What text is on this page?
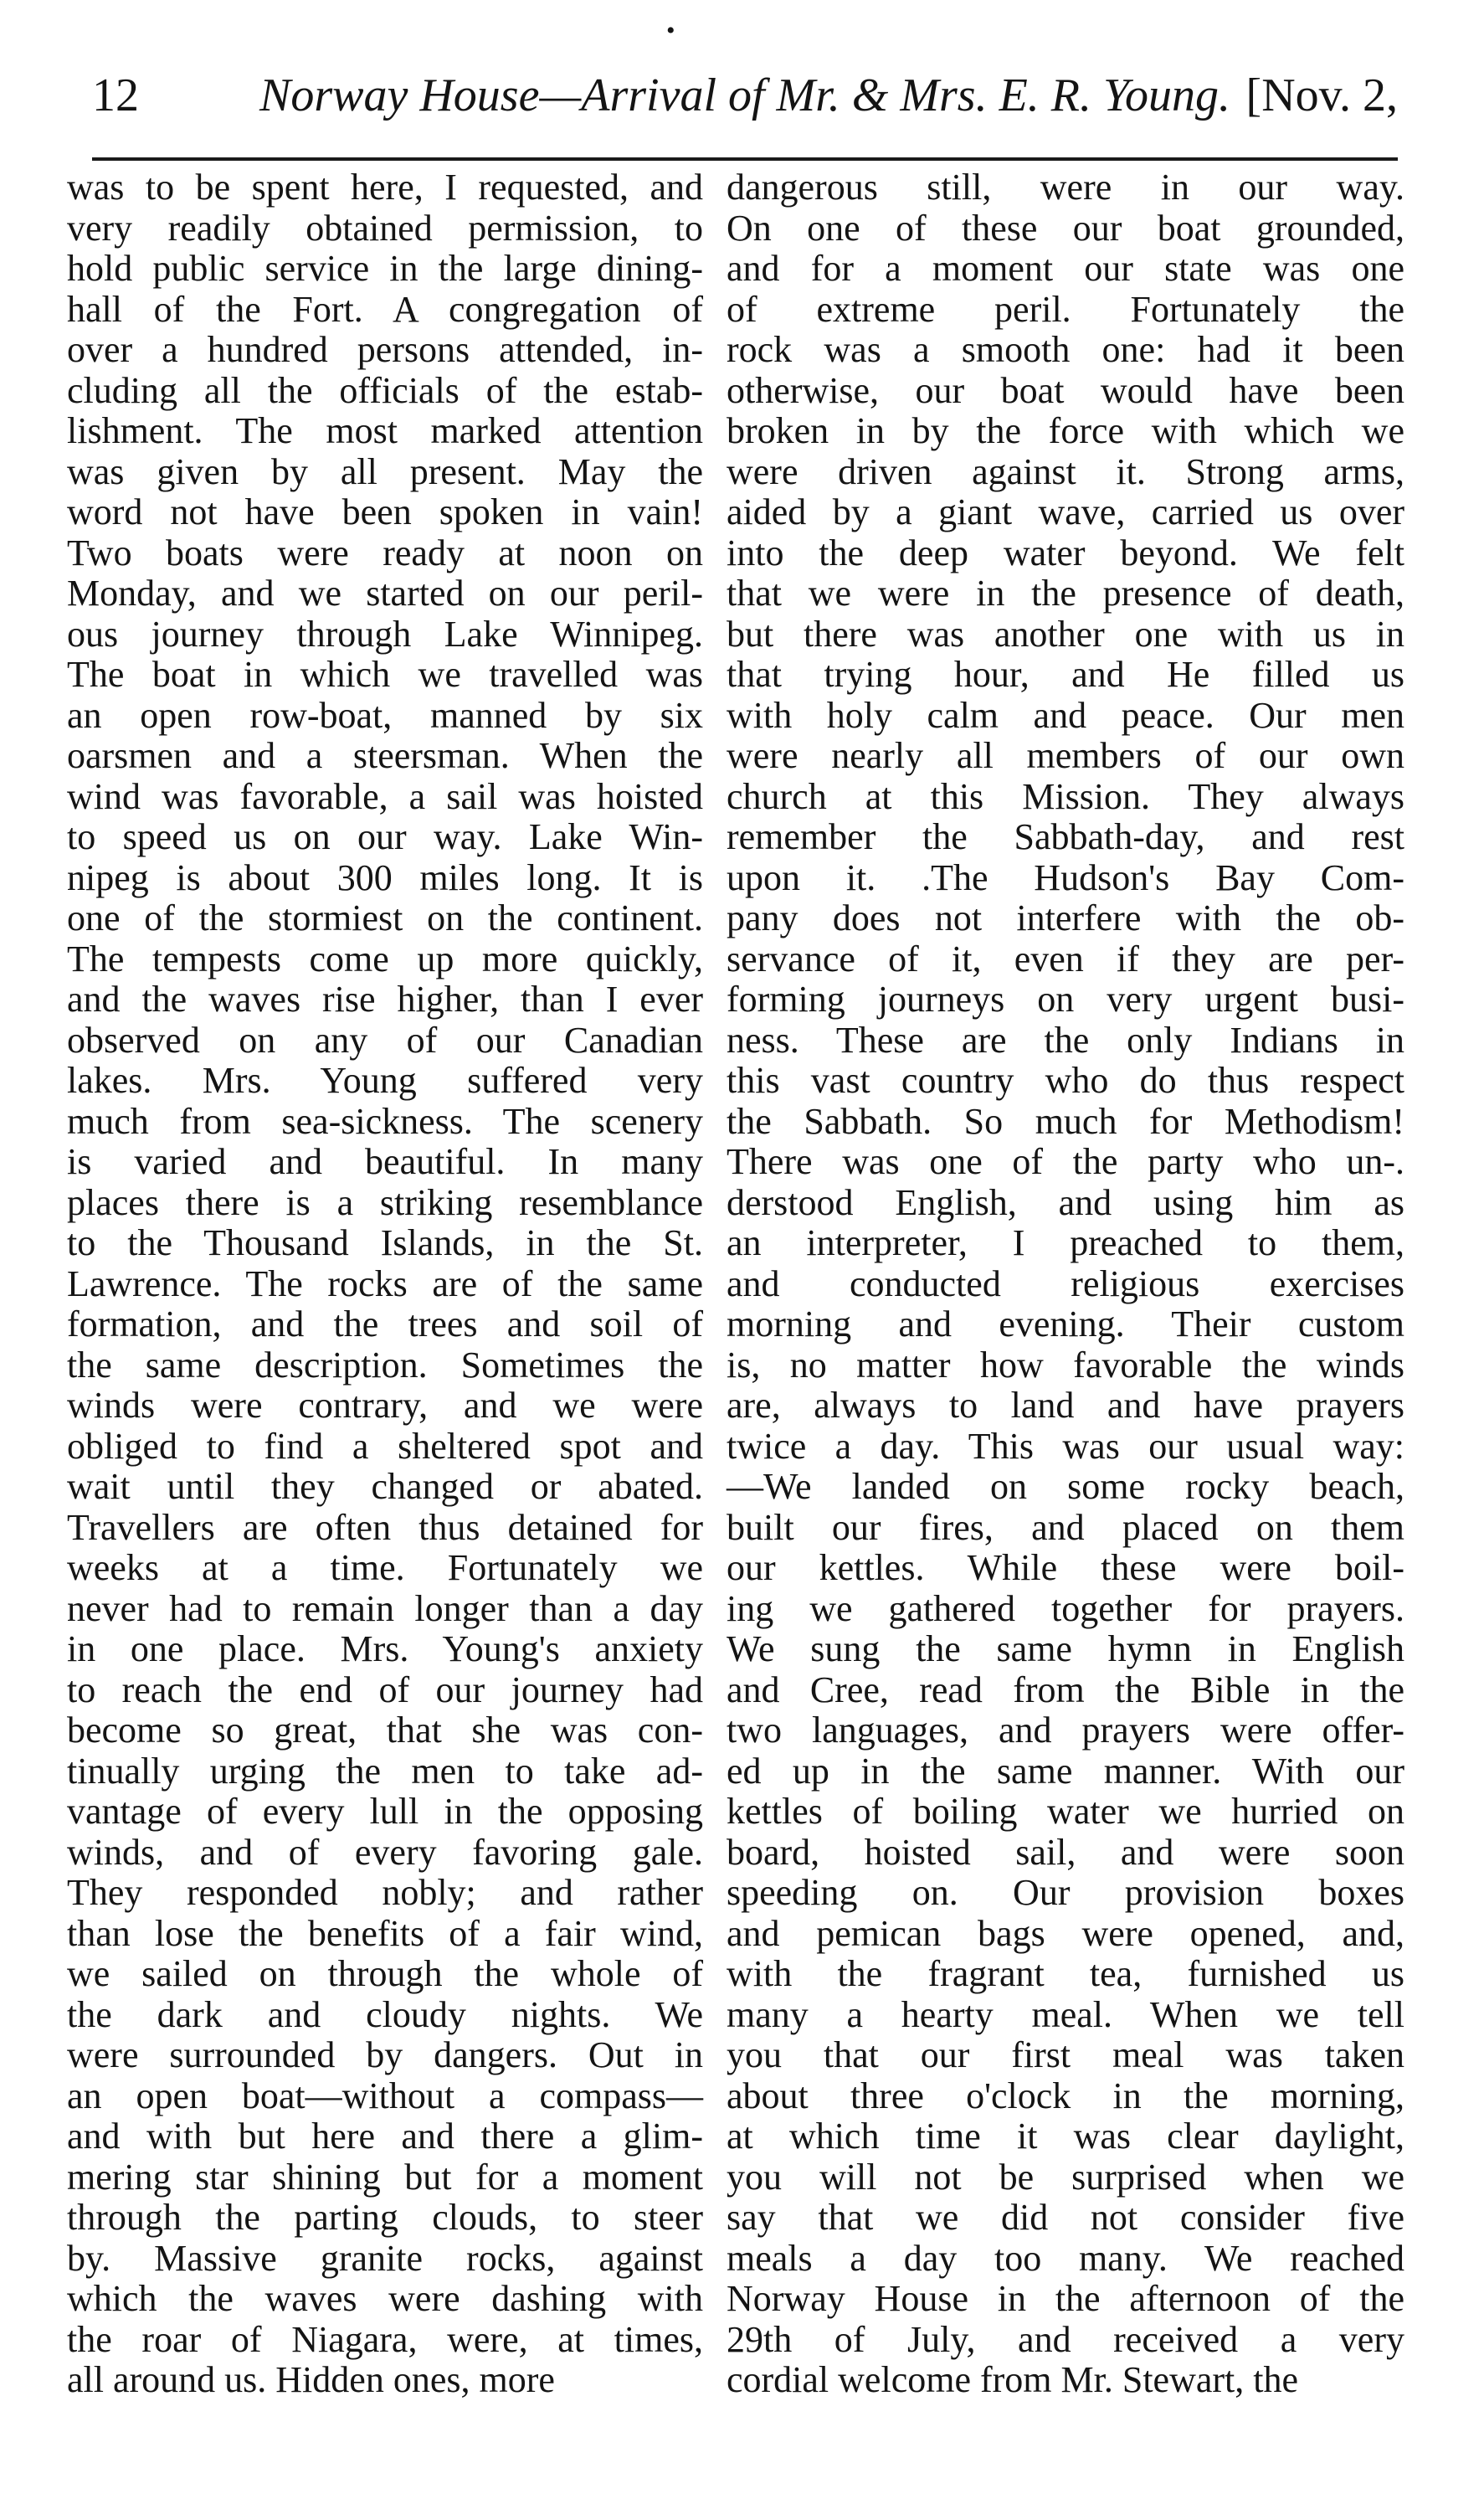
•
12	Norway House—Arrival of Mr. & Mrs. E. R. Young. [Nov. 2,
was to be spent here, I requested, and
very readily obtained permission, to
hold public service in the large dining-
hall of the Fort. A congregation of
over a hundred persons attended, in-
cluding all the officials of the estab-
lishment. The most marked attention
was given by all present. May the
word not have been spoken in vain!
Two boats were ready at noon on
Monday, and we started on our peril-
ous journey through Lake Winnipeg.
The boat in which we travelled was
an open row-boat, manned by six
oarsmen and a steersman. When the
wind was favorable, a sail was hoisted
to speed us on our way. Lake Win-
nipeg is about 300 miles long. It is
one of the stormiest on the continent.
The tempests come up more quickly,
and the waves rise higher, than I ever
observed on any of our Canadian
lakes. Mrs. Young suffered very
much from sea-sickness. The scenery
is varied and beautiful. In many
places there is a striking resemblance
to the Thousand Islands, in the St.
Lawrence. The rocks are of the same
formation, and the trees and soil of
the same description. Sometimes the
winds were contrary, and we were
obliged to find a sheltered spot and
wait until they changed or abated.
Travellers are often thus detained for
weeks at a time. Fortunately we
never had to remain longer than a day
in one place. Mrs. Young's anxiety
to reach the end of our journey had
become so great, that she was con-
tinually urging the men to take ad-
vantage of every lull in the opposing
winds, and of every favoring gale.
They responded nobly; and rather
than lose the benefits of a fair wind,
we sailed on through the whole of
the dark and cloudy nights. We
were surrounded by dangers. Out in
an open boat—without a compass—
and with but here and there a glim-
mering star shining but for a moment
through the parting clouds, to steer
by. Massive granite rocks, against
which the waves were dashing with
the roar of Niagara, were, at times,
all around us. Hidden ones, more
dangerous still, were in our way.
On one of these our boat grounded,
and for a moment our state was one
of extreme peril. Fortunately the
rock was a smooth one: had it been
otherwise, our boat would have been
broken in by the force with which we
were driven against it. Strong arms,
aided by a giant wave, carried us over
into the deep water beyond. We felt
that we were in the presence of death,
but there was another one with us in
that trying hour, and He filled us
with holy calm and peace. Our men
were nearly all members of our own
church at this Mission. They always
remember the Sabbath-day, and rest
upon it. .The Hudson's Bay Com-
pany does not interfere with the ob-
servance of it, even if they are per-
forming journeys on very urgent busi-
ness. These are the only Indians in
this vast country who do thus respect
the Sabbath. So much for Methodism!
There was one of the party who un-.
derstood English, and using him as
an interpreter, I preached to them,
and conducted religious exercises
morning and evening. Their custom
is, no matter how favorable the winds
are, always to land and have prayers
twice a day. This was our usual way:
—We landed on some rocky beach,
built our fires, and placed on them
our kettles. While these were boil-
ing we gathered together for prayers.
We sung the same hymn in English
and Cree, read from the Bible in the
two languages, and prayers were offer-
ed up in the same manner. With our
kettles of boiling water we hurried on
board, hoisted sail, and were soon
speeding on. Our provision boxes
and pemican bags were opened, and,
with the fragrant tea, furnished us
many a hearty meal. When we tell
you that our first meal was taken
about three o'clock in the morning,
at which time it was clear daylight,
you will not be surprised when we
say that we did not consider five
meals a day too many. We reached
Norway House in the afternoon of the
29th of July, and received a very
cordial welcome from Mr. Stewart, the
